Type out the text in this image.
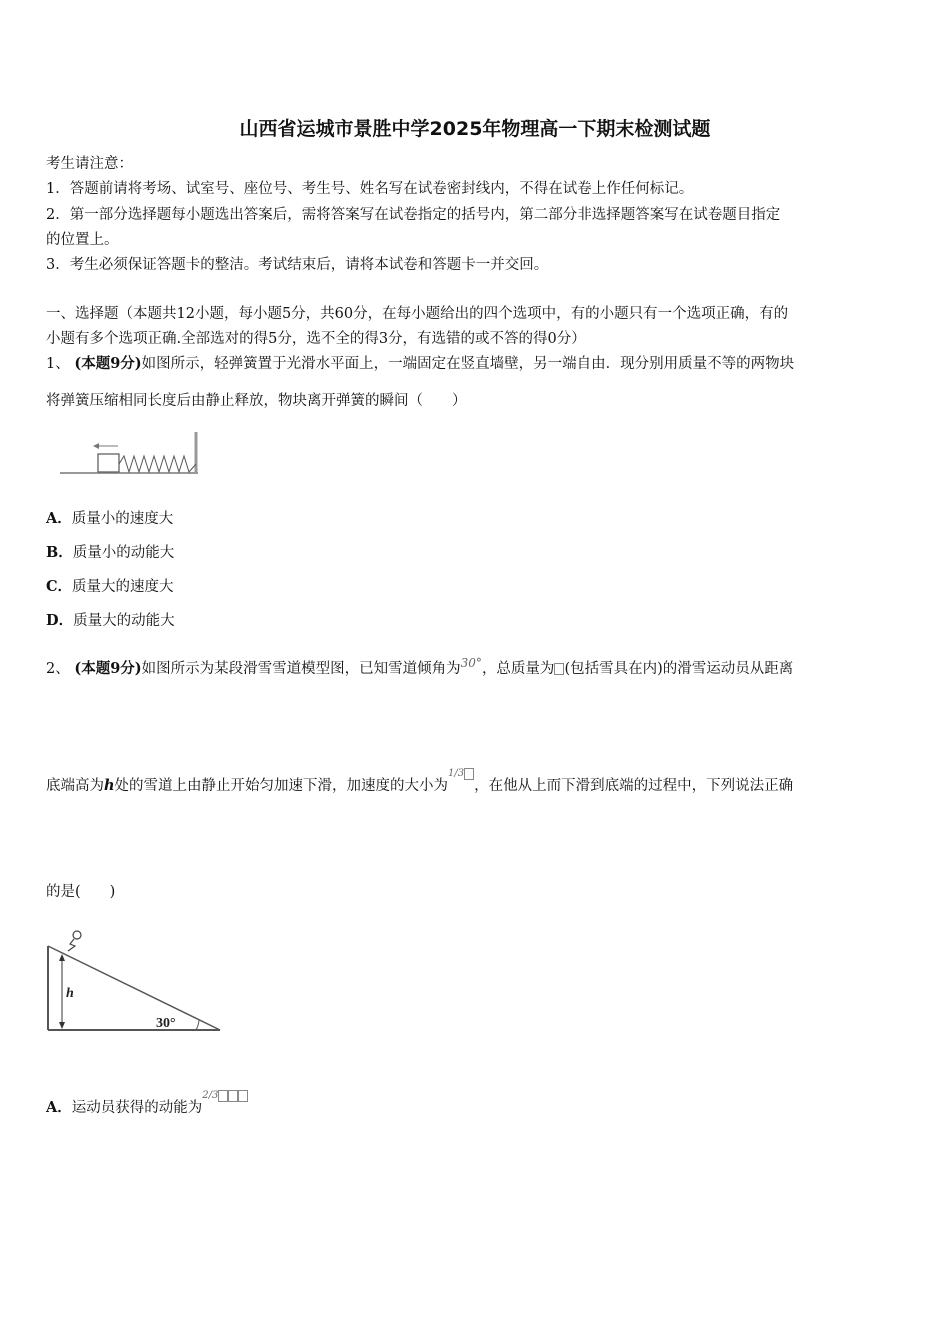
山西省运城市景胜中学2025年物理高一下期末检测试题
考生请注意：
1．答题前请将考场、试室号、座位号、考生号、姓名写在试卷密封线内，不得在试卷上作任何标记。
2．第一部分选择题每小题选出答案后，需将答案写在试卷指定的括号内，第二部分非选择题答案写在试卷题目指定
的位置上。
3．考生必须保证答题卡的整洁。考试结束后，请将本试卷和答题卡一并交回。
一、选择题（本题共12小题，每小题5分，共60分，在每小题给出的四个选项中，有的小题只有一个选项正确，有的
小题有多个选项正确.全部选对的得5分，选不全的得3分，有选错的或不答的得0分）
1、 (本题9分)如图所示，轻弹簧置于光滑水平面上，一端固定在竖直墙壁，另一端自由．现分别用质量不等的两物块
将弹簧压缩相同长度后由静止释放，物块离开弹簧的瞬间（　　）
A．质量小的速度大
B．质量小的动能大
C．质量大的速度大
D．质量大的动能大
2、 (本题9分)如图所示为某段滑雪雪道模型图，已知雪道倾角为$^{30^\circ}$，总质量为 (包括雪具在内)的滑雪运动员从距离
底端高为h处的雪道上由静止开始匀加速下滑，加速度的大小为$^{1/3}$，在他从上而下滑到底端的过程中，下列说法正确
的是(　　)
h
30°
A．运动员获得的动能为$^{2/3}$
